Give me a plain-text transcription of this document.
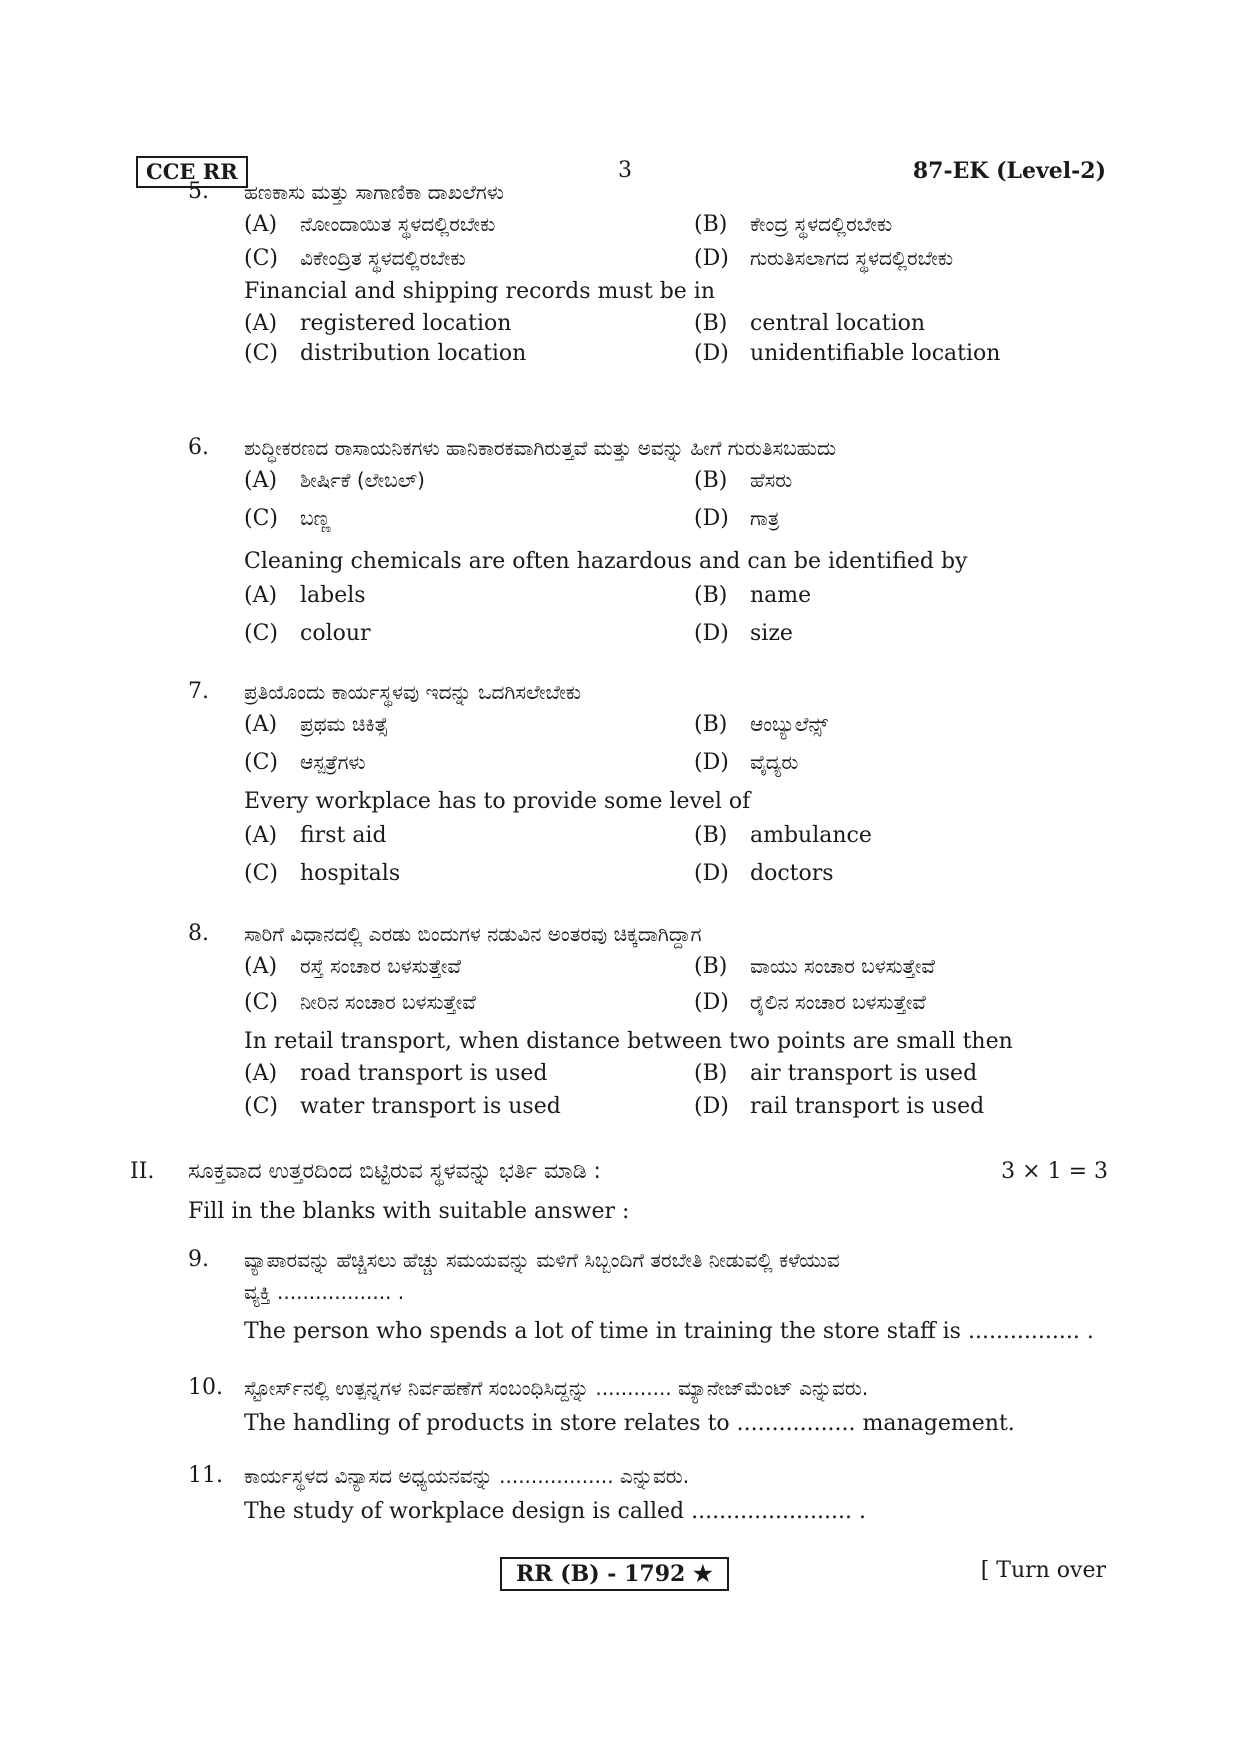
CCE RR	3	87-EK (Level-2)
5. ಹಣಕಾಸು ಮತ್ತು ಸಾಗಾಣಿಕಾ ದಾಖಲೆಗಳು
(A) ನೋಂದಾಯಿತ ಸ್ಥಳದಲ್ಲಿರಬೇಕು	(B) ಕೇಂದ್ರ ಸ್ಥಳದಲ್ಲಿರಬೇಕು
(C) ವಿಕೇಂದ್ರಿತ ಸ್ಥಳದಲ್ಲಿರಬೇಕು	(D) ಗುರುತಿಸಲಾಗದ ಸ್ಥಳದಲ್ಲಿರಬೇಕು
Financial and shipping records must be in
(A) registered location	(B) central location
(C) distribution location	(D) unidentifiable location
6. ಶುದ್ಧೀಕರಣದ ರಾಸಾಯನಿಕಗಳು ಹಾನಿಕಾರಕವಾಗಿರುತ್ತವೆ ಮತ್ತು ಅವನ್ನು ಹೀಗೆ ಗುರುತಿಸಬಹುದು
(A) ಶೀರ್ಷಿಕೆ (ಲೇಬಲ್)	(B) ಹೆಸರು
(C) ಬಣ್ಣ	(D) ಗಾತ್ರ
Cleaning chemicals are often hazardous and can be identified by
(A) labels	(B) name
(C) colour	(D) size
7. ಪ್ರತಿಯೊಂದು ಕಾರ್ಯಸ್ಥಳವು ಇದನ್ನು ಒದಗಿಸಲೇಬೇಕು
(A) ಪ್ರಥಮ ಚಿಕಿತ್ಸೆ	(B) ಆಂಬ್ಯುಲೆನ್ಸ್
(C) ಆಸ್ಪತ್ರೆಗಳು	(D) ವೈದ್ಯರು
Every workplace has to provide some level of
(A) first aid	(B) ambulance
(C) hospitals	(D) doctors
8. ಸಾರಿಗೆ ವಿಧಾನದಲ್ಲಿ ಎರಡು ಬಿಂದುಗಳ ನಡುವಿನ ಅಂತರವು ಚಿಕ್ಕದಾಗಿದ್ದಾಗ
(A) ರಸ್ತೆ ಸಂಚಾರ ಬಳಸುತ್ತೇವೆ	(B) ವಾಯು ಸಂಚಾರ ಬಳಸುತ್ತೇವೆ
(C) ನೀರಿನ ಸಂಚಾರ ಬಳಸುತ್ತೇವೆ	(D) ರೈಲಿನ ಸಂಚಾರ ಬಳಸುತ್ತೇವೆ
In retail transport, when distance between two points are small then
(A) road transport is used	(B) air transport is used
(C) water transport is used	(D) rail transport is used
II. ಸೂಕ್ತವಾದ ಉತ್ತರದಿಂದ ಬಿಟ್ಟಿರುವ ಸ್ಥಳವನ್ನು ಭರ್ತಿ ಮಾಡಿ :	3 × 1 = 3
Fill in the blanks with suitable answer :
9. ವ್ಯಾಪಾರವನ್ನು ಹೆಚ್ಚಿಸಲು ಹೆಚ್ಚು ಸಮಯವನ್ನು ಮಳಿಗೆ ಸಿಬ್ಬಂದಿಗೆ ತರಬೇತಿ ನೀಡುವಲ್ಲಿ ಕಳೆಯುವ
ವ್ಯಕ್ತಿ .................. .
The person who spends a lot of time in training the store staff is ................ .
10. ಸ್ಟೋರ್ಸ್‌ನಲ್ಲಿ ಉತ್ಪನ್ನಗಳ ನಿರ್ವಹಣೆಗೆ ಸಂಬಂಧಿಸಿದ್ದನ್ನು ............ ಮ್ಯಾನೇಜ್‌ಮೆಂಟ್ ಎನ್ನುವರು.
The handling of products in store relates to ................. management.
11. ಕಾರ್ಯಸ್ಥಳದ ವಿನ್ಯಾಸದ ಅಧ್ಯಯನವನ್ನು .................. ಎನ್ನುವರು.
The study of workplace design is called ....................... .
RR (B) - 1792 ★	[ Turn over
